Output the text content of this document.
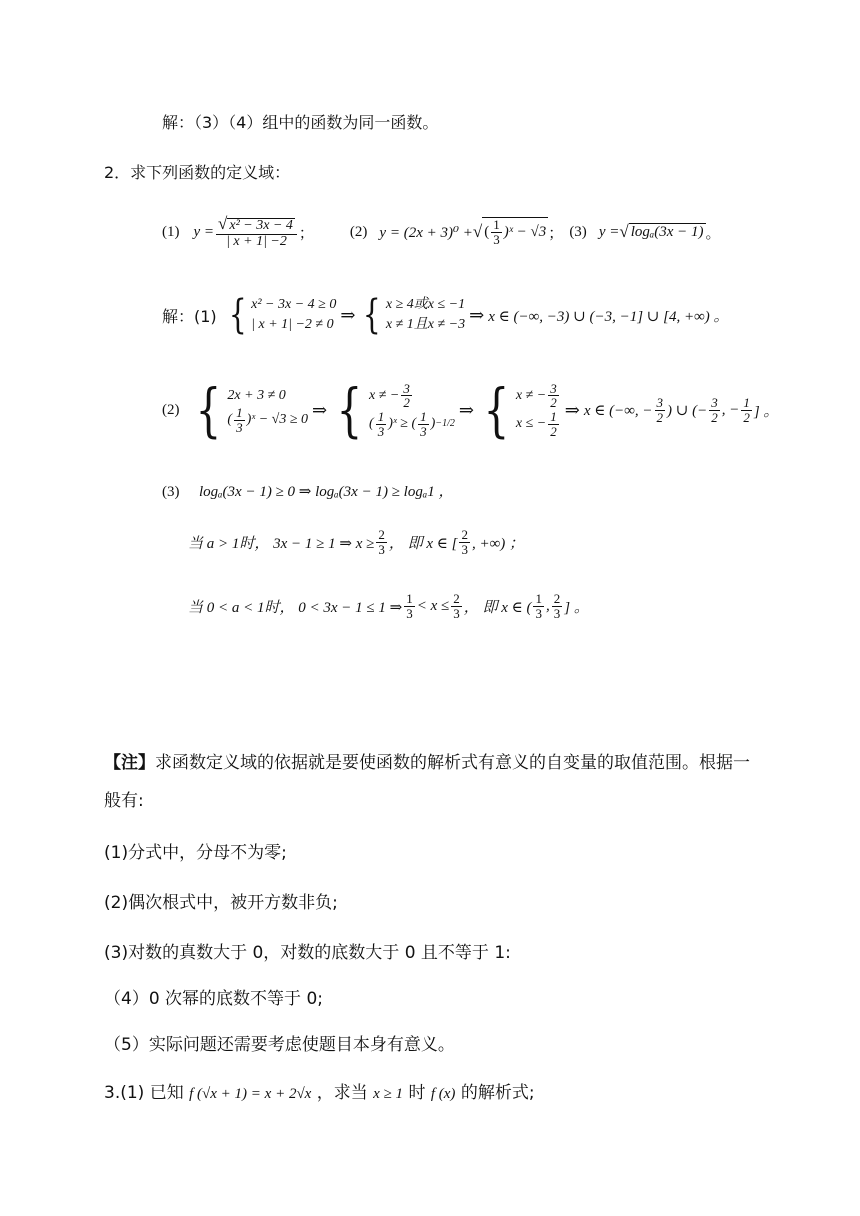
解：（3）（4）组中的函数为同一函数。
2．求下列函数的定义域：
(1) $y = \frac{\text{√ x² − 3x − 4}}{| x + 1| -2}$ ； (2) y = (2x + 3)⁰ + √ ( $\frac{1}{3}$ )ˣ − √3 ； (3) y = √ logₐ(3x − 1) 。
解：(1) { x² − 3x − 4 ≥ 0
| x + 1| −2 ≠ 0 ⇒ { x ≥ 4或x ≤ −1
x ≠ 1且x ≠ −3 ⇒ x ∈ (−∞, −3) ∪ (−3, −1] ∪ [4, +∞) 。
(2) { 2x + 3 ≠ 0
( $\frac{1}{3}$ )ˣ − √3 ≥ 0 ⇒ { x ≠ − $\frac{3}{2}$
( $\frac{1}{3}$ )ˣ ≥ ( $\frac{1}{3}$ ) −1/2
⇒ { x ≠ − $\frac{3}{2}$
x ≤ − $\frac{1}{2}$
⇒ x ∈ (−∞, − $\frac{3}{2}$ ) ∪ (− $\frac{3}{2}$ , − $\frac{1}{2}$ ] 。
(3) logₐ(3x − 1) ≥ 0 ⇒ logₐ(3x − 1) ≥ logₐ1 ，
当 a > 1时， 3x − 1 ≥ 1 ⇒ $x \ge \frac{2}{3}$ ， 即 x ∈ [ $\frac{2}{3}$ , +∞) ；
当 0 < a < 1时， 0 < 3x − 1 ≤ 1 ⇒ $\frac{1}{3} < x \le \frac{2}{3}$ ， 即 x ∈ ( $\frac{1}{3}$ , $\frac{2}{3}$ ] 。
【注】求函数定义域的依据就是要使函数的解析式有意义的自变量的取值范围。根据一
般有:
(1)分式中，分母不为零;
(2)偶次根式中，被开方数非负;
(3)对数的真数大于 0，对数的底数大于 0 且不等于 1:
（4）0 次幂的底数不等于 0;
（5）实际问题还需要考虑使题目本身有意义。
3.(1) 已知 f (√x + 1) = x + 2√x ，求当 x ≥ 1 时 f (x) 的解析式;
